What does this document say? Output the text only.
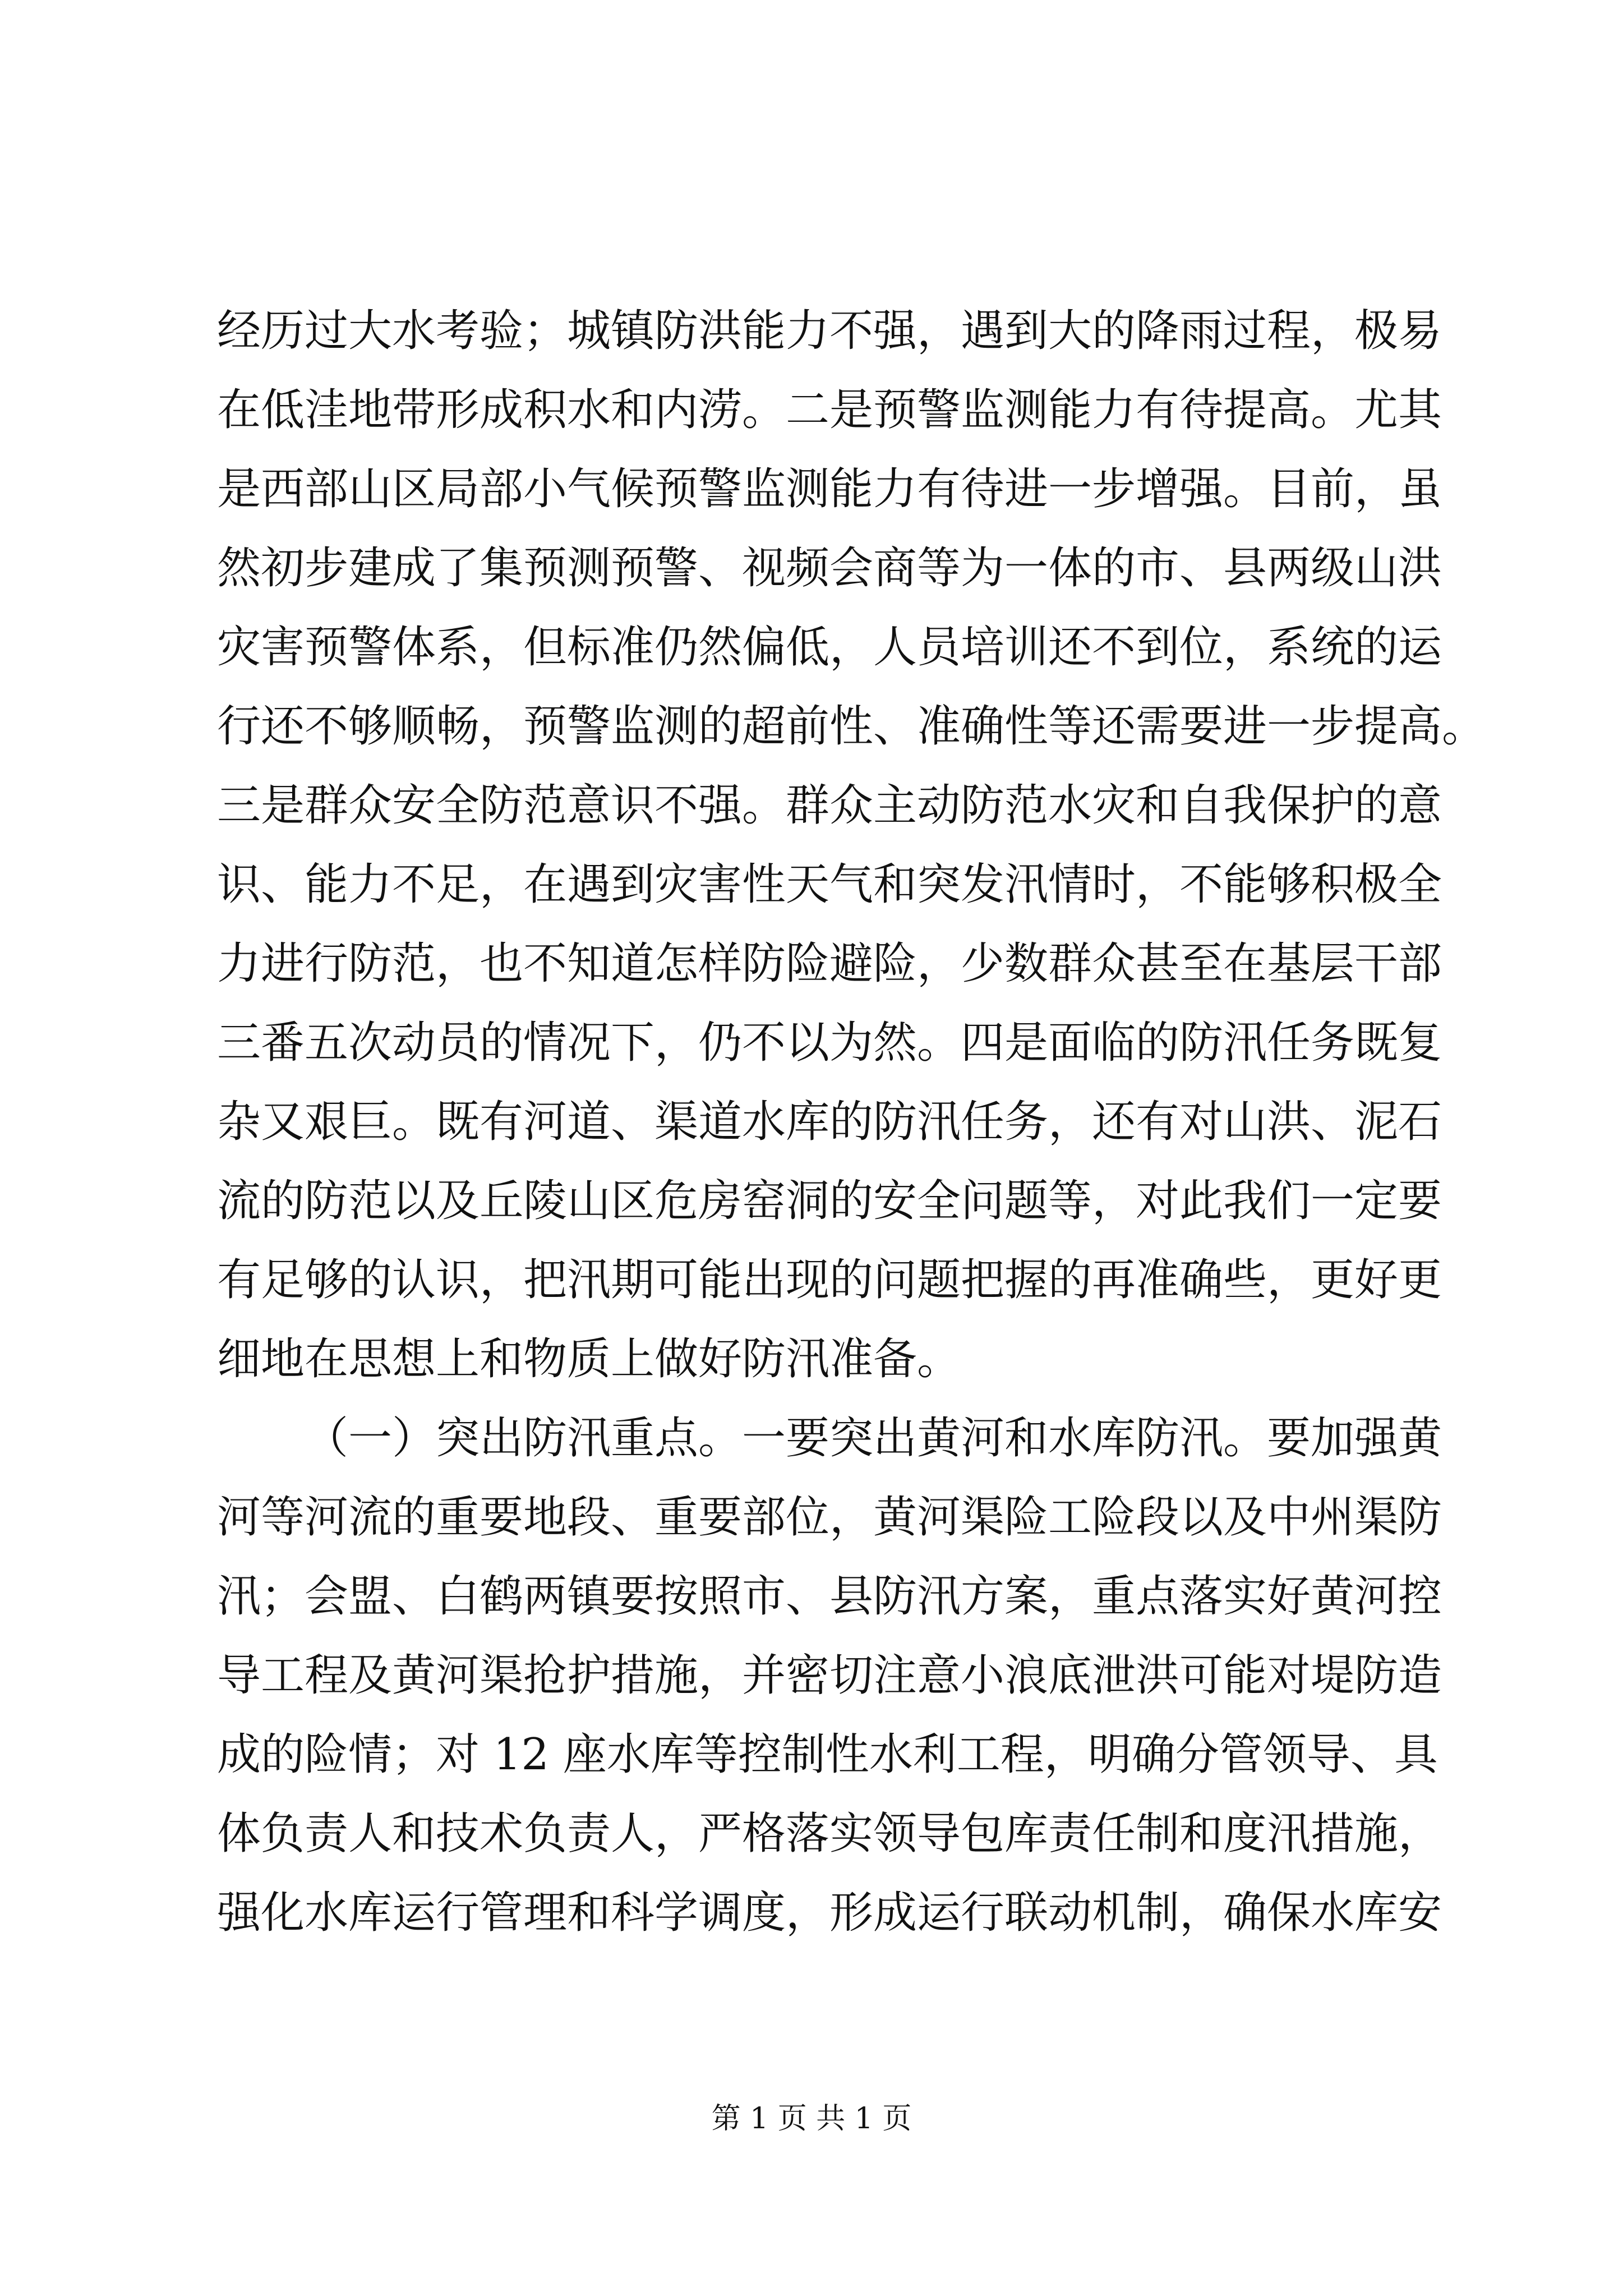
经历过大水考验；城镇防洪能力不强，遇到大的降雨过程，极易
在低洼地带形成积水和内涝。二是预警监测能力有待提高。尤其
是西部山区局部小气候预警监测能力有待进一步增强。目前，虽
然初步建成了集预测预警、视频会商等为一体的市、县两级山洪
灾害预警体系，但标准仍然偏低，人员培训还不到位，系统的运
行还不够顺畅，预警监测的超前性、准确性等还需要进一步提高。
三是群众安全防范意识不强。群众主动防范水灾和自我保护的意
识、能力不足，在遇到灾害性天气和突发汛情时，不能够积极全
力进行防范，也不知道怎样防险避险，少数群众甚至在基层干部
三番五次动员的情况下，仍不以为然。四是面临的防汛任务既复
杂又艰巨。既有河道、渠道水库的防汛任务，还有对山洪、泥石
流的防范以及丘陵山区危房窑洞的安全问题等，对此我们一定要
有足够的认识，把汛期可能出现的问题把握的再准确些，更好更
细地在思想上和物质上做好防汛准备。
（一）突出防汛重点。一要突出黄河和水库防汛。要加强黄
河等河流的重要地段、重要部位，黄河渠险工险段以及中州渠防
汛；会盟、白鹤两镇要按照市、县防汛方案，重点落实好黄河控
导工程及黄河渠抢护措施，并密切注意小浪底泄洪可能对堤防造
成的险情；对 12 座水库等控制性水利工程，明确分管领导、具
体负责人和技术负责人，严格落实领导包库责任制和度汛措施，
强化水库运行管理和科学调度，形成运行联动机制，确保水库安
第 1 页 共 1 页
